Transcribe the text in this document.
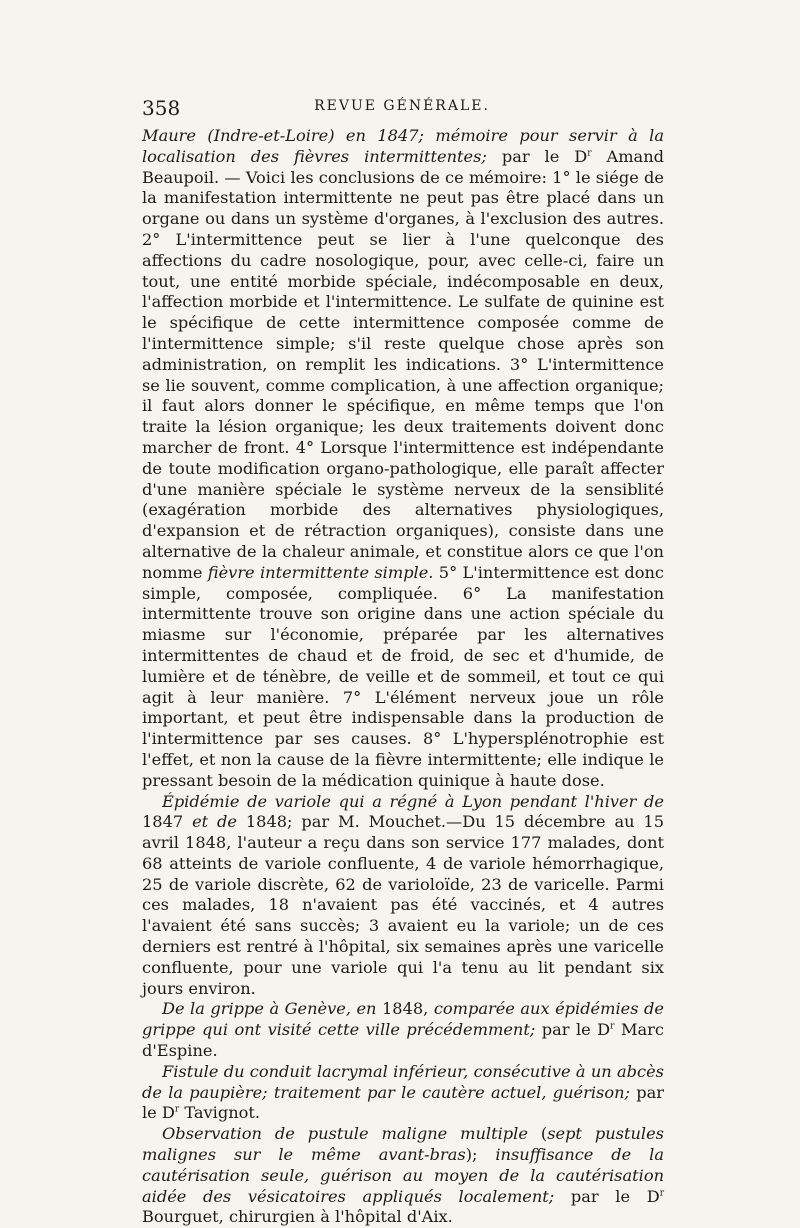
358	REVUE GÉNÉRALE.

Maure (Indre-et-Loire) en 1847; mémoire pour servir à la localisation des fièvres intermittentes; par le $D^r$ Amand Beaupoil. — Voici les conclusions de ce mémoire: 1° le siége de la manifestation intermittente ne peut pas être placé dans un organe ou dans un système d'organes, à l'exclusion des autres. 2° L'intermittence peut se lier à l'une quelconque des affections du cadre nosologique, pour, avec celle-ci, faire un tout, une entité morbide spéciale, indécomposable en deux, l'affection morbide et l'intermittence. Le sulfate de quinine est le spécifique de cette intermittence composée comme de l'intermittence simple; s'il reste quelque chose après son administration, on remplit les indications. 3° L'intermittence se lie souvent, comme complication, à une affection organique; il faut alors donner le spécifique, en même temps que l'on traite la lésion organique; les deux traitements doivent donc marcher de front. 4° Lorsque l'intermittence est indépendante de toute modification organo-pathologique, elle paraît affecter d'une manière spéciale le système nerveux de la sensiblité (exagération morbide des alternatives physiologiques, d'expansion et de rétraction organiques), consiste dans une alternative de la chaleur animale, et constitue alors ce que l'on nomme fièvre intermittente simple. 5° L'intermittence est donc simple, composée, compliquée. 6° La manifestation intermittente trouve son origine dans une action spéciale du miasme sur l'économie, préparée par les alternatives intermittentes de chaud et de froid, de sec et d'humide, de lumière et de ténèbre, de veille et de sommeil, et tout ce qui agit à leur manière. 7° L'élément nerveux joue un rôle important, et peut être indispensable dans la production de l'intermittence par ses causes. 8° L'hypersplénotrophie est l'effet, et non la cause de la fièvre intermittente; elle indique le pressant besoin de la médication quinique à haute dose.

Épidémie de variole qui a régné à Lyon pendant l'hiver de 1847 et de 1848; par M. Mouchet.—Du 15 décembre au 15 avril 1848, l'auteur a reçu dans son service 177 malades, dont 68 atteints de variole confluente, 4 de variole hémorrhagique, 25 de variole discrète, 62 de varioloïde, 23 de varicelle. Parmi ces malades, 18 n'avaient pas été vaccinés, et 4 autres l'avaient été sans succès; 3 avaient eu la variole; un de ces derniers est rentré à l'hôpital, six semaines après une varicelle confluente, pour une variole qui l'a tenu au lit pendant six jours environ.

De la grippe à Genève, en 1848, comparée aux épidémies de grippe qui ont visité cette ville précédemment; par le $D^r$ Marc d'Espine.

Fistule du conduit lacrymal inférieur, consécutive à un abcès de la paupière; traitement par le cautère actuel, guérison; par le $D^r$ Tavignot.

Observation de pustule maligne multiple (sept pustules malignes sur le même avant-bras); insuffisance de la cautérisation seule, guérison au moyen de la cautérisation aidée des vésicatoires appliqués localement; par le $D^r$ Bourguet, chirurgien à l'hôpital d'Aix.
